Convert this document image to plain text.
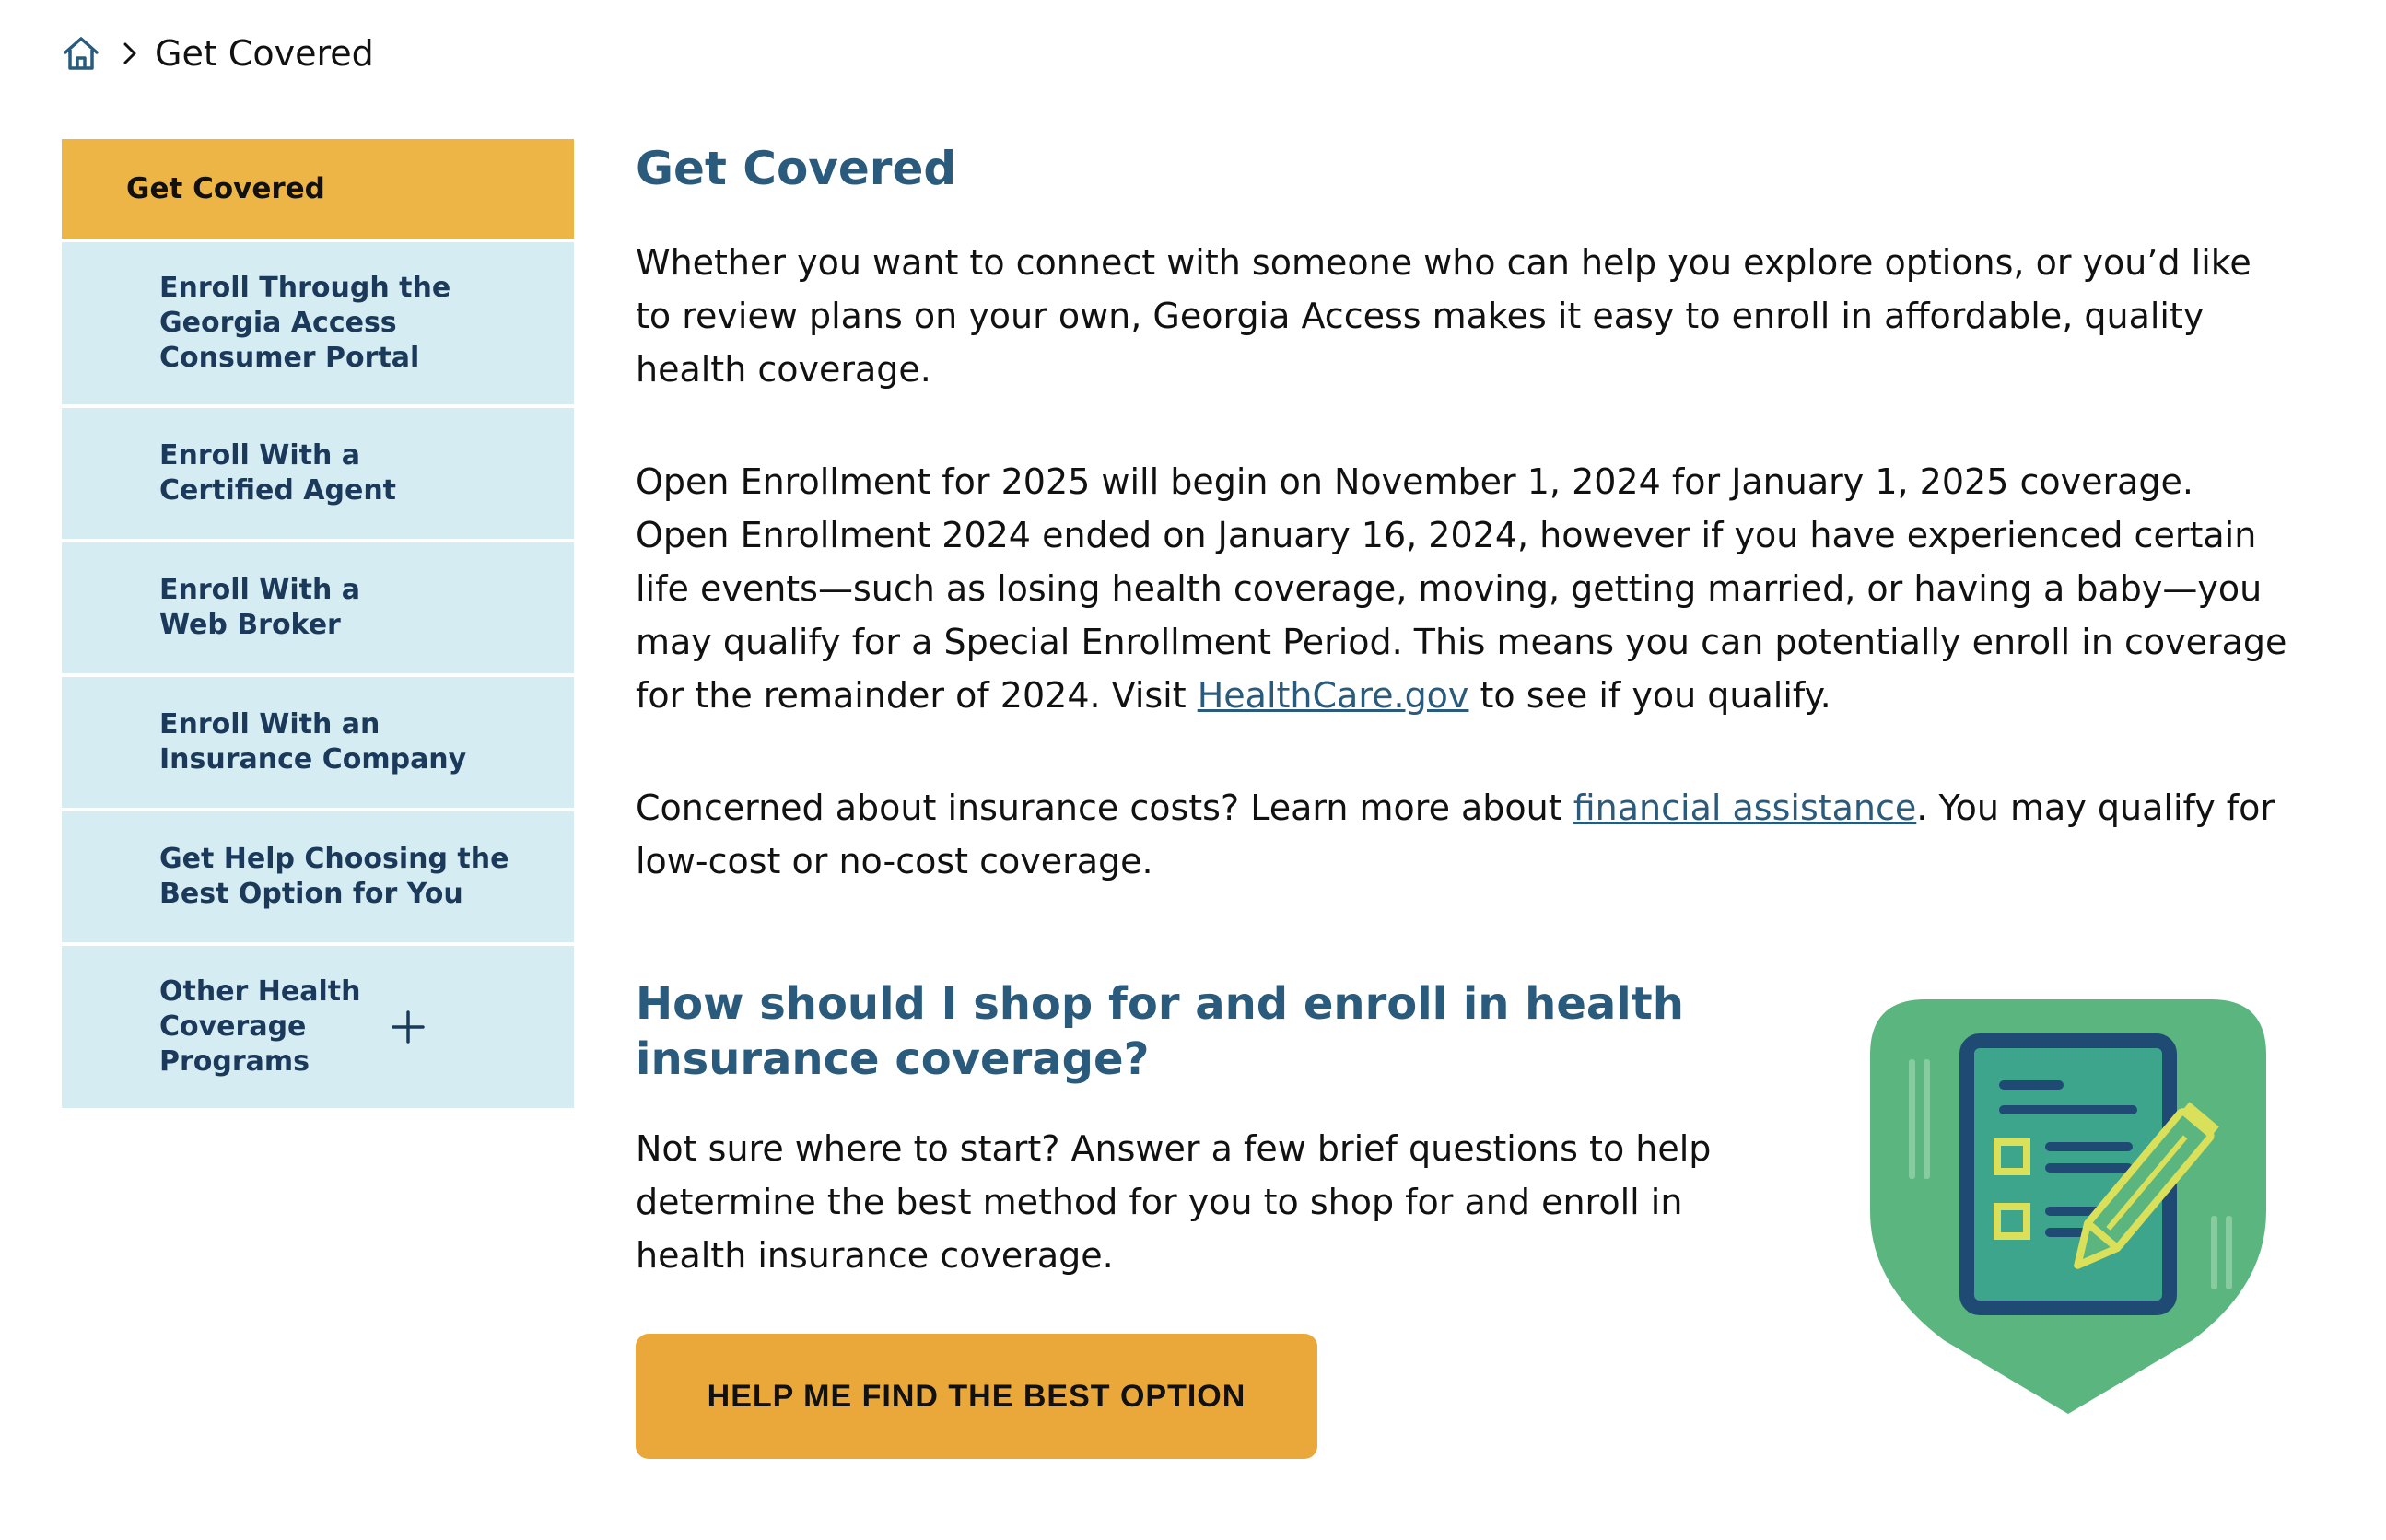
Get Covered
Get Covered
Enroll Through the Georgia Access Consumer Portal
Enroll With a Certified Agent
Enroll With a Web Broker
Enroll With an Insurance Company
Get Help Choosing the Best Option for You
Other Health Coverage Programs
Get Covered

Whether you want to connect with someone who can help you explore options, or you’d like to review plans on your own, Georgia Access makes it easy to enroll in affordable, quality health coverage.

Open Enrollment for 2025 will begin on November 1, 2024 for January 1, 2025 coverage. Open Enrollment 2024 ended on January 16, 2024, however if you have experienced certain life events—such as losing health coverage, moving, getting married, or having a baby—you may qualify for a Special Enrollment Period. This means you can potentially enroll in coverage for the remainder of 2024. Visit HealthCare.gov to see if you qualify.

Concerned about insurance costs? Learn more about financial assistance. You may qualify for low-cost or no-cost coverage.

How should I shop for and enroll in health insurance coverage?

Not sure where to start? Answer a few brief questions to help determine the best method for you to shop for and enroll in health insurance coverage.

HELP ME FIND THE BEST OPTION
